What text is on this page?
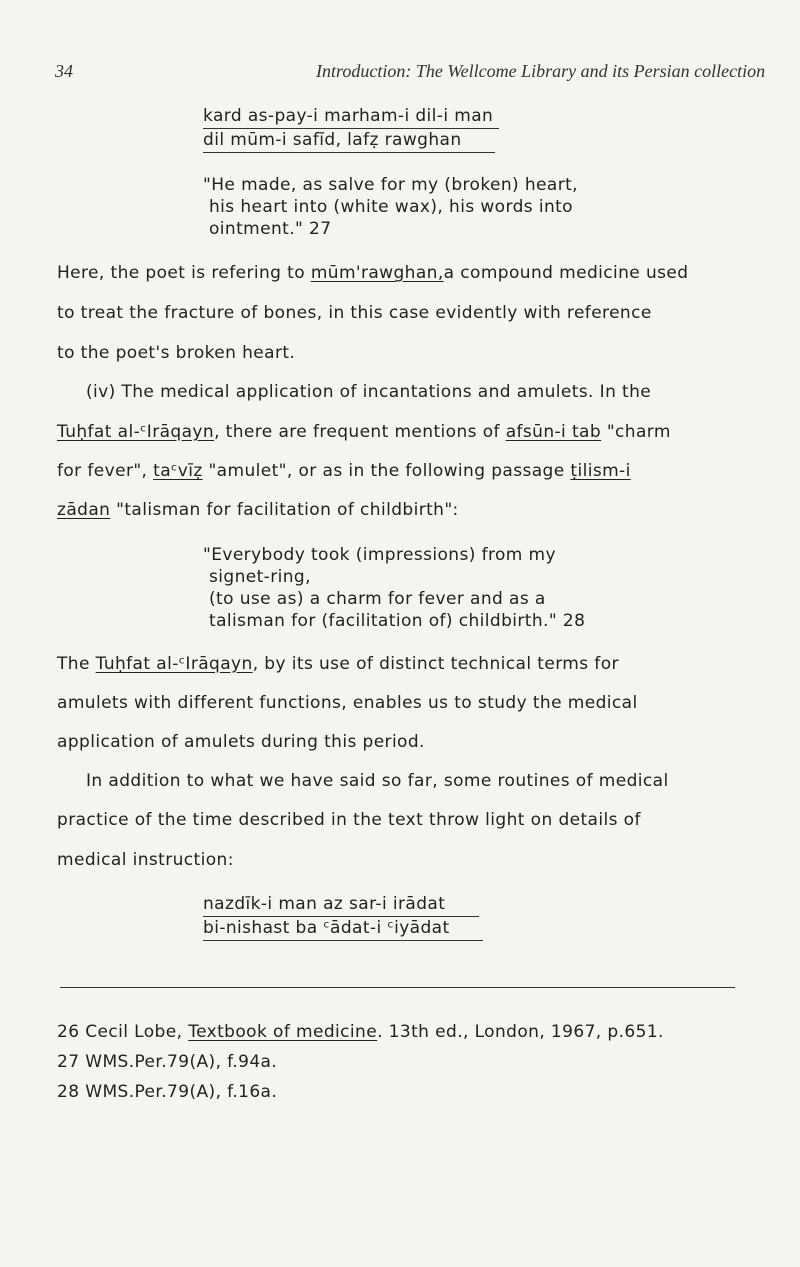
34	Introduction: The Wellcome Library and its Persian collection
kard as-pay-i marham-i dil-i man
dil mūm-i safīd, lafẓ rawghan
"He made, as salve for my (broken) heart,
his heart into (white wax), his words into
ointment." 27
Here, the poet is refering to mūm'rawghan,a compound medicine used
to treat the fracture of bones, in this case evidently with reference
to the poet's broken heart.
(iv) The medical application of incantations and amulets. In the
Tuḥfat al-ᶜIrāqayn, there are frequent mentions of afsūn-i tab "charm
for fever", taᶜvīẓ "amulet", or as in the following passage ṭilism-i
zādan "talisman for facilitation of childbirth":
"Everybody took (impressions) from my
signet-ring,
(to use as) a charm for fever and as a
talisman for (facilitation of) childbirth." 28
The Tuḥfat al-ᶜIrāqayn, by its use of distinct technical terms for
amulets with different functions, enables us to study the medical
application of amulets during this period.
In addition to what we have said so far, some routines of medical
practice of the time described in the text throw light on details of
medical instruction:
nazdīk-i man az sar-i irādat
bi-nishast ba ᶜādat-i ᶜiyādat
26 Cecil Lobe, Textbook of medicine. 13th ed., London, 1967, p.651.
27 WMS.Per.79(A), f.94a.
28 WMS.Per.79(A), f.16a.
